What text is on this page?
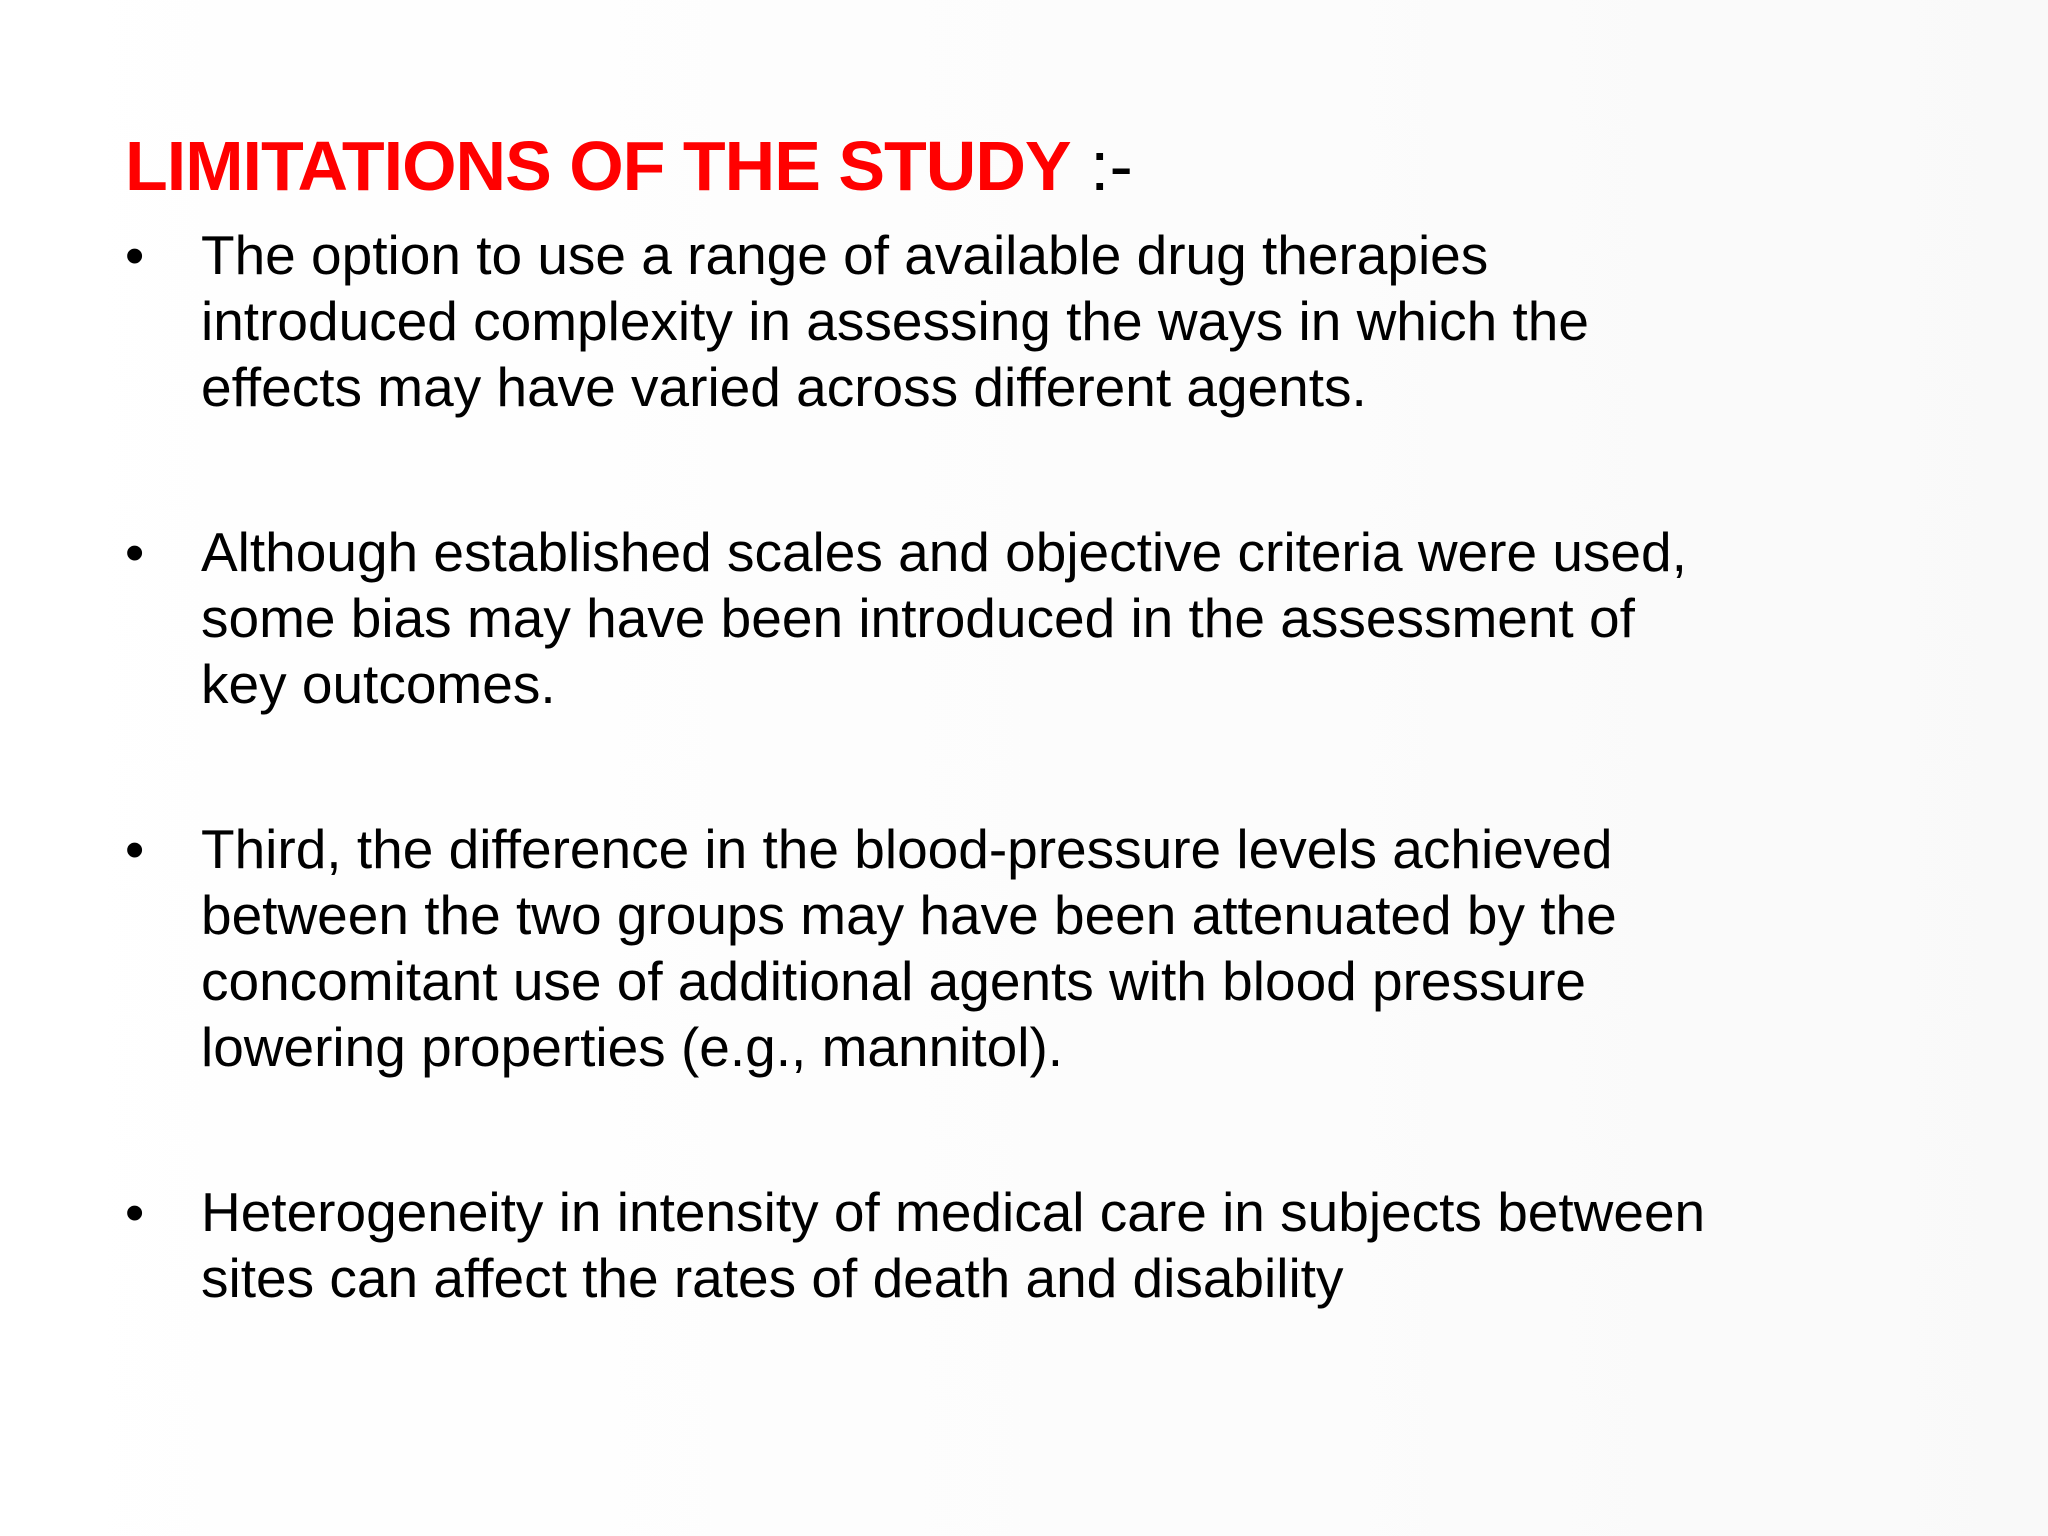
LIMITATIONS OF THE STUDY :-
•	The option to use a range of available drug therapies
introduced complexity in assessing the ways in which the
effects may have varied across different agents.
•	Although established scales and objective criteria were used,
some bias may have been introduced in the assessment of
key outcomes.
•	Third, the difference in the blood-pressure levels achieved
between the two groups may have been attenuated by the
concomitant use of additional agents with blood pressure
lowering properties (e.g., mannitol).
•	Heterogeneity in intensity of medical care in subjects between
sites can affect the rates of death and disability
